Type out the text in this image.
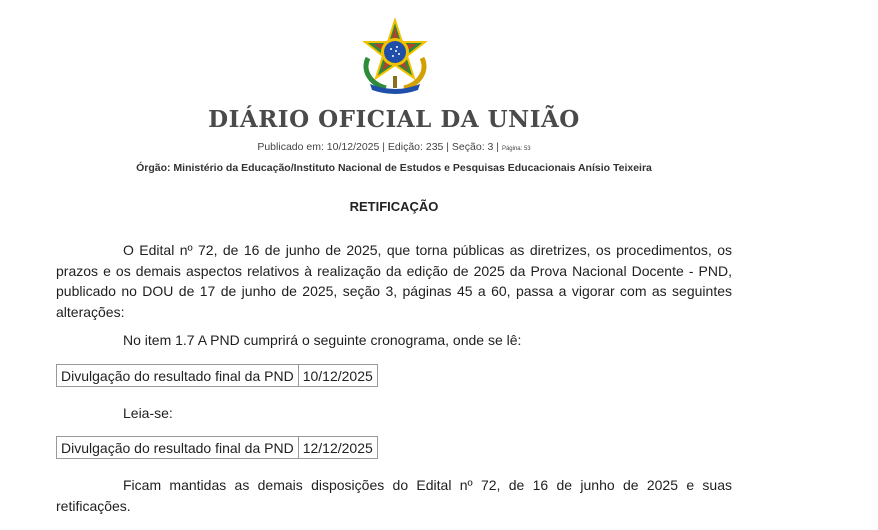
DIÁRIO OFICIAL DA UNIÃO
Publicado em: 10/12/2025 | Edição: 235 | Seção: 3 | Página: 53
Órgão: Ministério da Educação/Instituto Nacional de Estudos e Pesquisas Educacionais Anísio Teixeira
RETIFICAÇÃO

O Edital nº 72, de 16 de junho de 2025, que torna públicas as diretrizes, os procedimentos, os prazos e os demais aspectos relativos à realização da edição de 2025 da Prova Nacional Docente - PND, publicado no DOU de 17 de junho de 2025, seção 3, páginas 45 a 60, passa a vigorar com as seguintes alterações:

No item 1.7 A PND cumprirá o seguinte cronograma, onde se lê:

Divulgação do resultado final da PND	10/12/2025

Leia-se:

Divulgação do resultado final da PND	12/12/2025

Ficam mantidas as demais disposições do Edital nº 72, de 16 de junho de 2025 e suas retificações.
